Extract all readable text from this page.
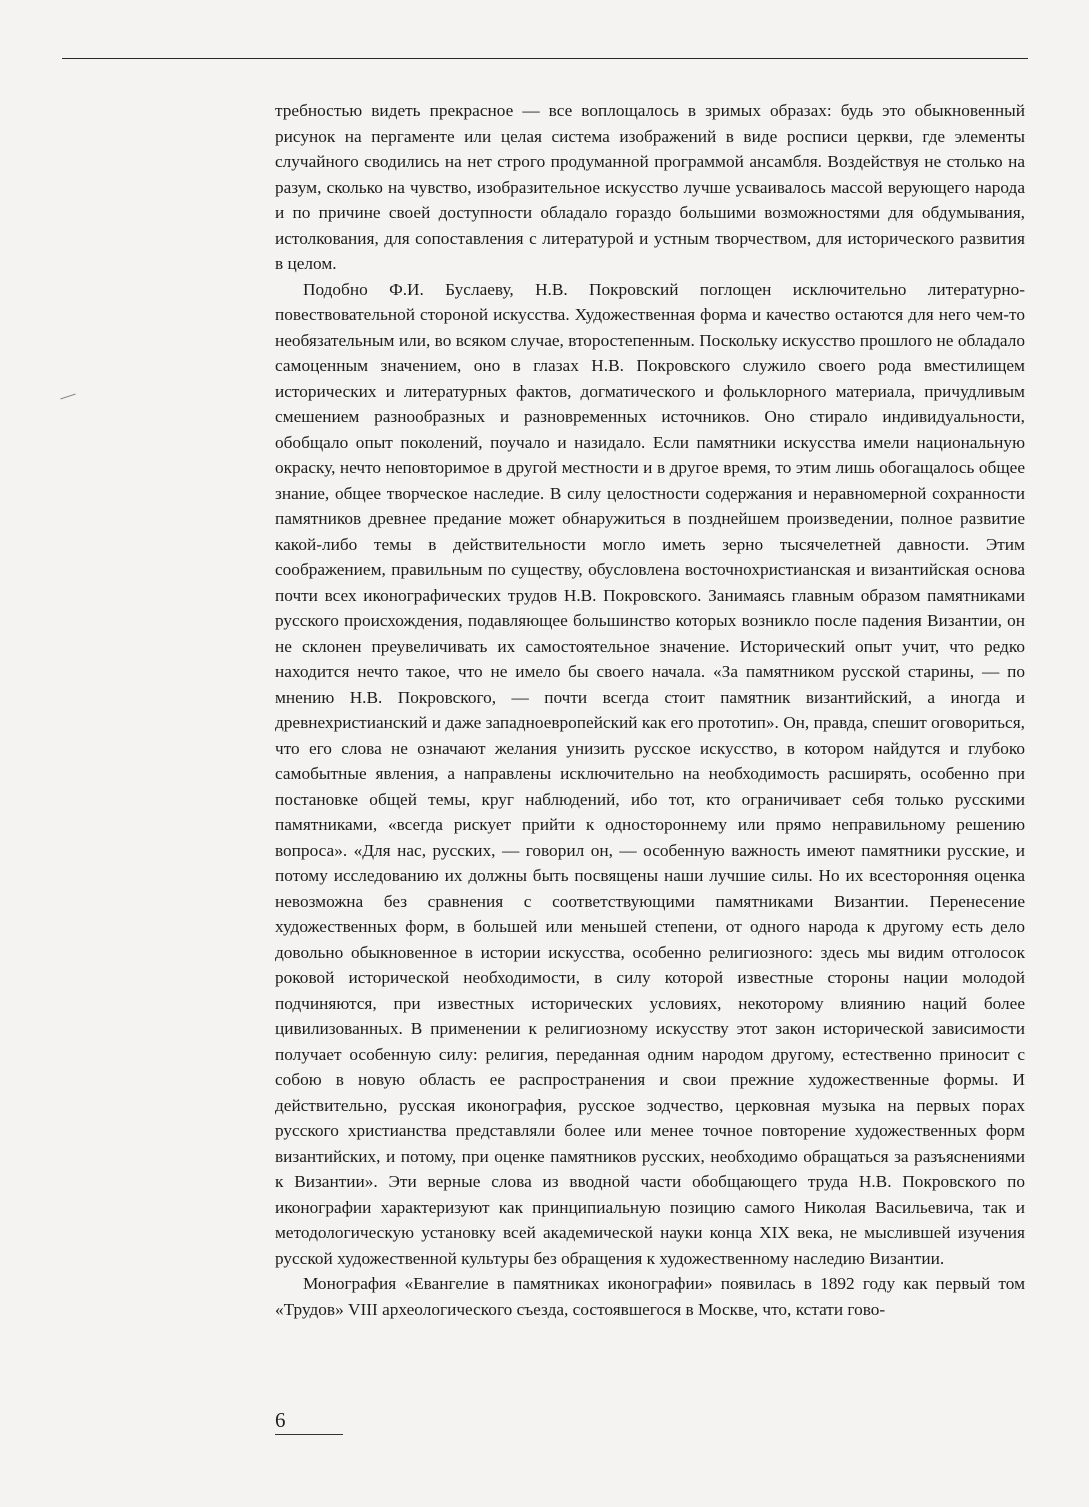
требностью видеть прекрасное — все воплощалось в зримых образах: будь это обыкновенный рисунок на пергаменте или целая система изображений в виде росписи церкви, где элементы случайного сводились на нет строго продуманной программой ансамбля. Воздействуя не столько на разум, сколько на чувство, изобразительное искусство лучше усваивалось массой верующего народа и по причине своей доступности обладало гораздо большими возможностями для обдумывания, истолкования, для сопоставления с литературой и устным творчеством, для исторического развития в целом.

Подобно Ф.И. Буслаеву, Н.В. Покровский поглощен исключительно литературно-повествовательной стороной искусства. Художественная форма и качество остаются для него чем-то необязательным или, во всяком случае, второстепенным. Поскольку искусство прошлого не обладало самоценным значением, оно в глазах Н.В. Покровского служило своего рода вместилищем исторических и литературных фактов, догматического и фольклорного материала, причудливым смешением разнообразных и разновременных источников. Оно стирало индивидуальности, обобщало опыт поколений, поучало и назидало. Если памятники искусства имели национальную окраску, нечто неповторимое в другой местности и в другое время, то этим лишь обогащалось общее знание, общее творческое наследие. В силу целостности содержания и неравномерной сохранности памятников древнее предание может обнаружиться в позднейшем произведении, полное развитие какой-либо темы в действительности могло иметь зерно тысячелетней давности. Этим соображением, правильным по существу, обусловлена восточнохристианская и византийская основа почти всех иконографических трудов Н.В. Покровского. Занимаясь главным образом памятниками русского происхождения, подавляющее большинство которых возникло после падения Византии, он не склонен преувеличивать их самостоятельное значение. Исторический опыт учит, что редко находится нечто такое, что не имело бы своего начала. «За памятником русской старины, — по мнению Н.В. Покровского, — почти всегда стоит памятник византийский, а иногда и древнехристианский и даже западноевропейский как его прототип». Он, правда, спешит оговориться, что его слова не означают желания унизить русское искусство, в котором найдутся и глубоко самобытные явления, а направлены исключительно на необходимость расширять, особенно при постановке общей темы, круг наблюдений, ибо тот, кто ограничивает себя только русскими памятниками, «всегда рискует прийти к одностороннему или прямо неправильному решению вопроса». «Для нас, русских, — говорил он, — особенную важность имеют памятники русские, и потому исследованию их должны быть посвящены наши лучшие силы. Но их всесторонняя оценка невозможна без сравнения с соответствующими памятниками Византии. Перенесение художественных форм, в большей или меньшей степени, от одного народа к другому есть дело довольно обыкновенное в истории искусства, особенно религиозного: здесь мы видим отголосок роковой исторической необходимости, в силу которой известные стороны нации молодой подчиняются, при известных исторических условиях, некоторому влиянию наций более цивилизованных. В применении к религиозному искусству этот закон исторической зависимости получает особенную силу: религия, переданная одним народом другому, естественно приносит с собою в новую область ее распространения и свои прежние художественные формы. И действительно, русская иконография, русское зодчество, церковная музыка на первых порах русского христианства представляли более или менее точное повторение художественных форм византийских, и потому, при оценке памятников русских, необходимо обращаться за разъяснениями к Византии». Эти верные слова из вводной части обобщающего труда Н.В. Покровского по иконографии характеризуют как принципиальную позицию самого Николая Васильевича, так и методологическую установку всей академической науки конца XIX века, не мыслившей изучения русской художественной культуры без обращения к художественному наследию Византии.

Монография «Евангелие в памятниках иконографии» появилась в 1892 году как первый том «Трудов» VIII археологического съезда, состоявшегося в Москве, что, кстати гово-

6
